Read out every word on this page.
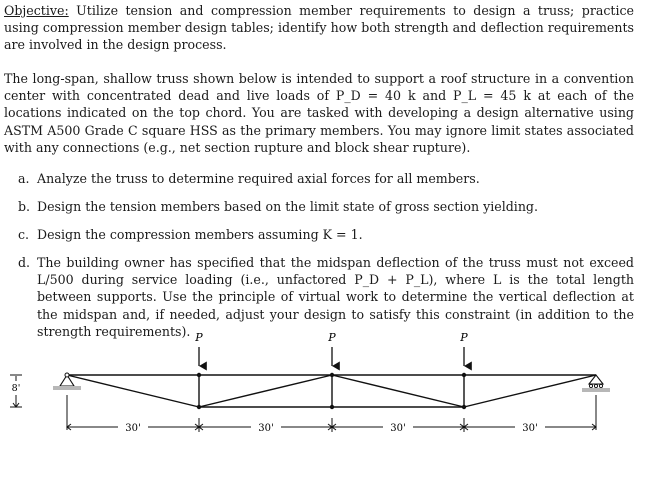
Objective: Utilize tension and compression member requirements to design a truss; practice using compression member design tables; identify how both strength and deflection requirements are involved in the design process.

The long-span, shallow truss shown below is intended to support a roof structure in a convention center with concentrated dead and live loads of P_D = 40 k and P_L = 45 k at each of the locations indicated on the top chord. You are tasked with developing a design alternative using ASTM A500 Grade C square HSS as the primary members. You may ignore limit states associated with any connections (e.g., net section rupture and block shear rupture).

a. Analyze the truss to determine required axial forces for all members.
b. Design the tension members based on the limit state of gross section yielding.
c. Design the compression members assuming K = 1.
d. The building owner has specified that the midspan deflection of the truss must not exceed L/500 during service loading (i.e., unfactored P_D + P_L), where L is the total length between supports. Use the principle of virtual work to determine the vertical deflection at the midspan and, if needed, adjust your design to satisfy this constraint (in addition to the strength requirements). P	P	P
8'
30'	30'	30'	30'
